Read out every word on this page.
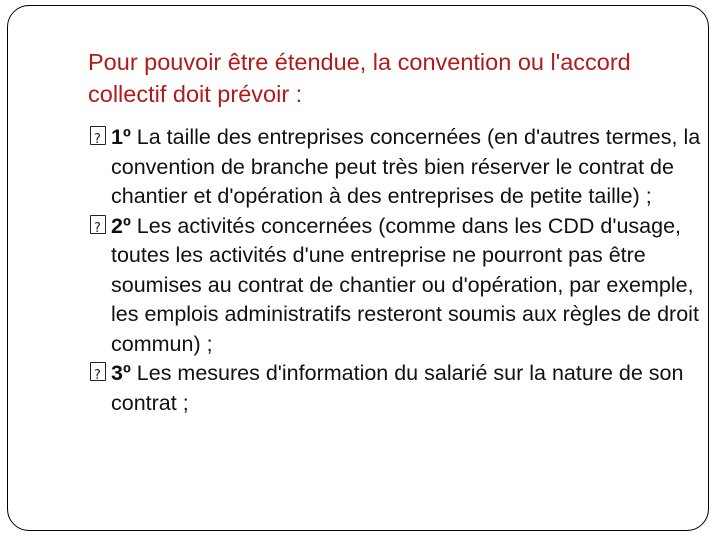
Pour pouvoir être étendue, la convention ou l'accord collectif doit prévoir :

?
1º La taille des entreprises concernées (en d'autres termes, la convention de branche peut très bien réserver le contrat de chantier et d'opération à des entreprises de petite taille) ;

?
2º Les activités concernées (comme dans les CDD d'usage, toutes les activités d'une entreprise ne pourront pas être soumises au contrat de chantier ou d'opération, par exemple, les emplois administratifs resteront soumis aux règles de droit commun) ;

?
3º Les mesures d'information du salarié sur la nature de son contrat ;
